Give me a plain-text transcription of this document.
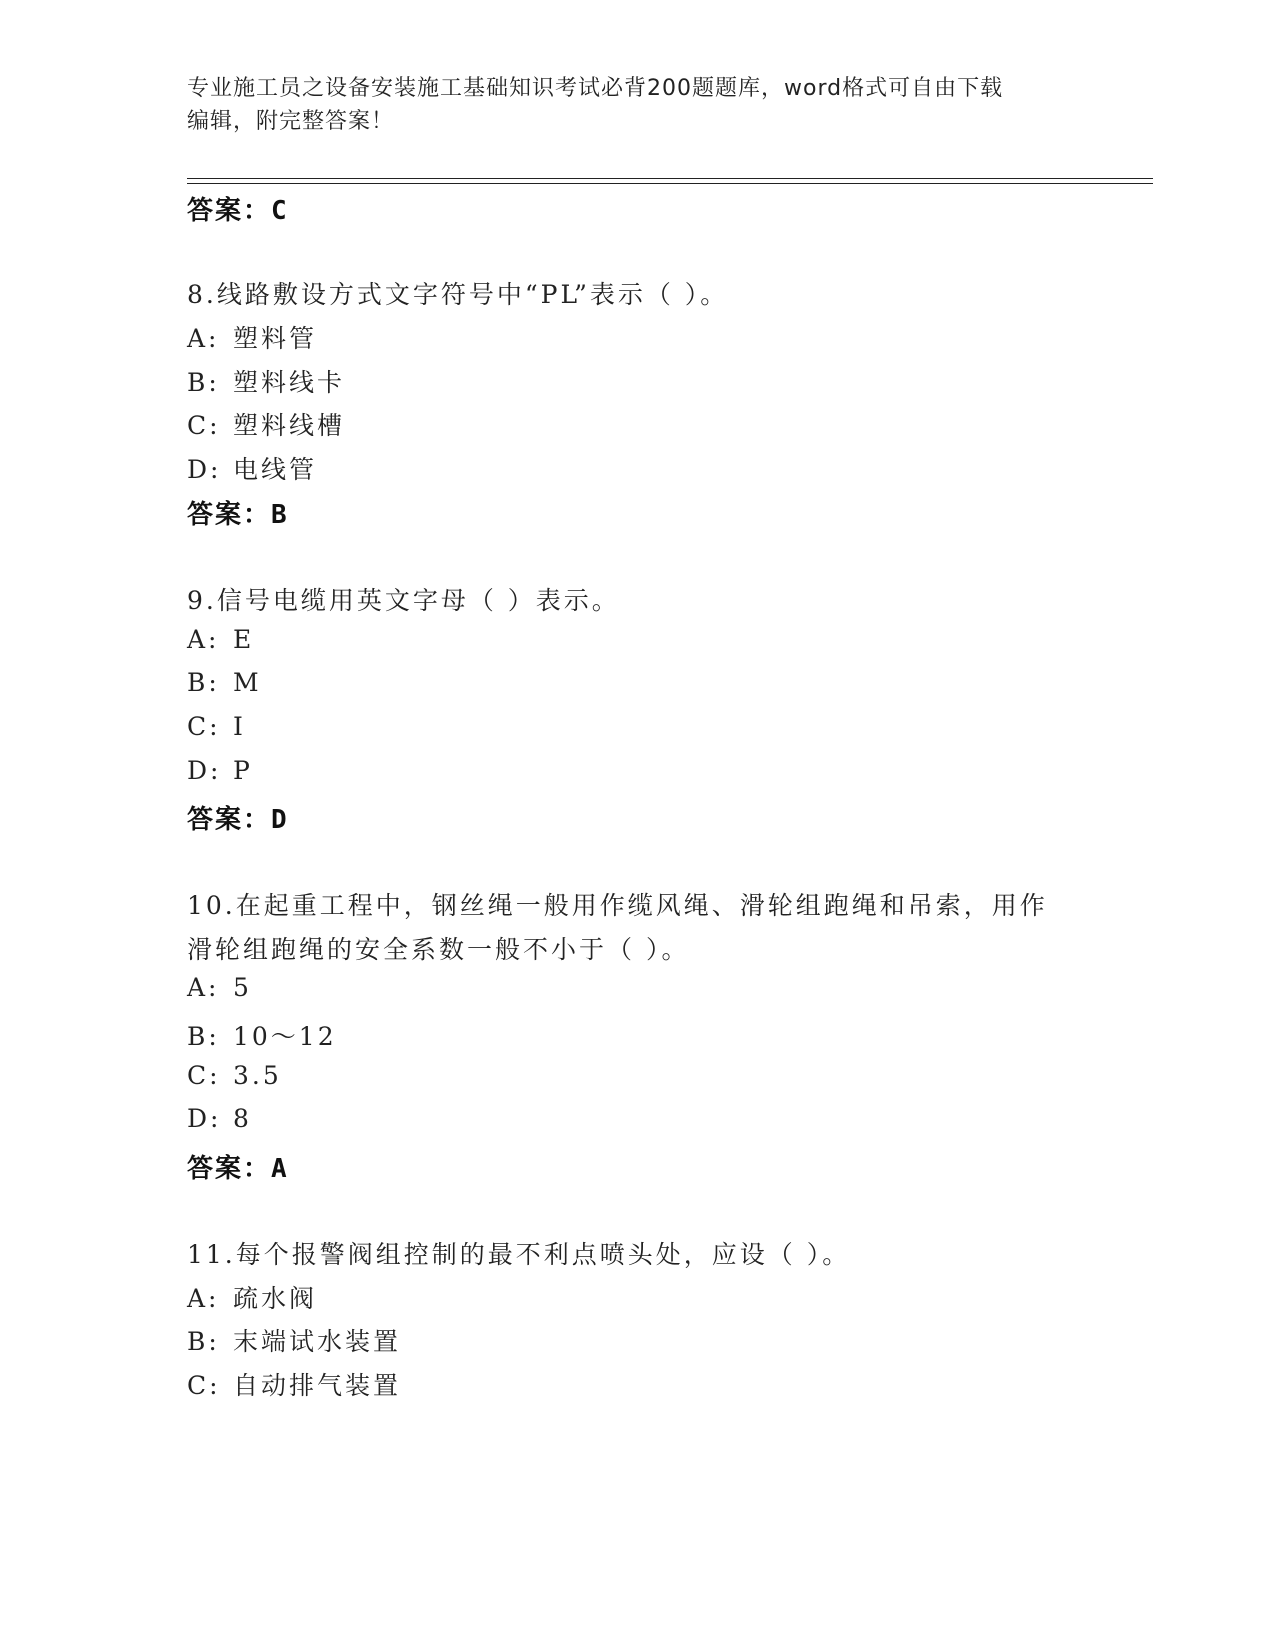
专业施工员之设备安装施工基础知识考试必背200题题库，word格式可自由下载
编辑，附完整答案！
答案：C
8.线路敷设方式文字符号中“PL”表示（ ）。
A: 塑料管
B: 塑料线卡
C: 塑料线槽
D: 电线管
答案：B
9.信号电缆用英文字母（ ）表示。
A: E
B: M
C: I
D: P
答案：D
10.在起重工程中，钢丝绳一般用作缆风绳、滑轮组跑绳和吊索，用作
滑轮组跑绳的安全系数一般不小于（ ）。
A: 5
B: 10～12
C: 3.5
D: 8
答案：A
11.每个报警阀组控制的最不利点喷头处，应设（ ）。
A: 疏水阀
B: 末端试水装置
C: 自动排气装置
